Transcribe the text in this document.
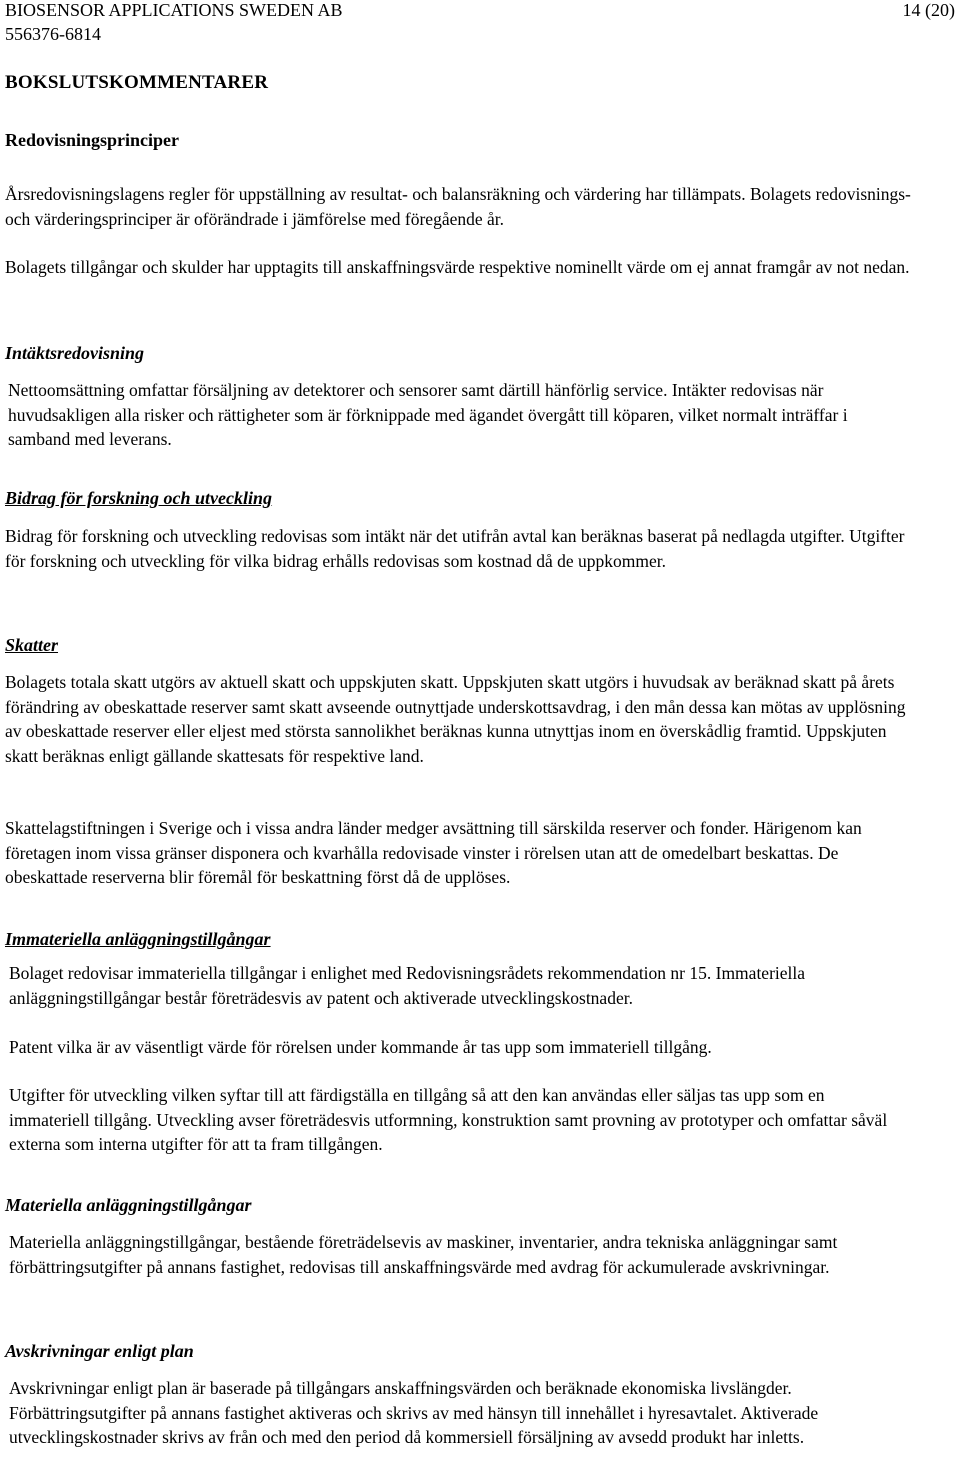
BIOSENSOR APPLICATIONS SWEDEN AB
556376-6814
14 (20)
BOKSLUTSKOMMENTARER
Redovisningsprinciper

Årsredovisningslagens regler för uppställning av resultat- och balansräkning och värdering har tillämpats. Bolagets redovisnings- och värderingsprinciper är oförändrade i jämförelse med föregående år.

Bolagets tillgångar och skulder har upptagits till anskaffningsvärde respektive nominellt värde om ej annat framgår av not nedan.

Intäktsredovisning

Nettoomsättning omfattar försäljning av detektorer och sensorer samt därtill hänförlig service. Intäkter redovisas när huvudsakligen alla risker och rättigheter som är förknippade med ägandet övergått till köparen, vilket normalt inträffar i samband med leverans.

Bidrag för forskning och utveckling

Bidrag för forskning och utveckling redovisas som intäkt när det utifrån avtal kan beräknas baserat på nedlagda utgifter. Utgifter för forskning och utveckling för vilka bidrag erhålls redovisas som kostnad då de uppkommer.

Skatter

Bolagets totala skatt utgörs av aktuell skatt och uppskjuten skatt. Uppskjuten skatt utgörs i huvudsak av beräknad skatt på årets förändring av obeskattade reserver samt skatt avseende outnyttjade underskottsavdrag, i den mån dessa kan mötas av upplösning av obeskattade reserver eller eljest med största sannolikhet beräknas kunna utnyttjas inom en överskådlig framtid. Uppskjuten skatt beräknas enligt gällande skattesats för respektive land.

Skattelagstiftningen i Sverige och i vissa andra länder medger avsättning till särskilda reserver och fonder. Härigenom kan företagen inom vissa gränser disponera och kvarhålla redovisade vinster i rörelsen utan att de omedelbart beskattas. De obeskattade reserverna blir föremål för beskattning först då de upplöses.

Immateriella anläggningstillgångar

Bolaget redovisar immateriella tillgångar i enlighet med Redovisningsrådets rekommendation nr 15. Immateriella anläggningstillgångar består företrädesvis av patent och aktiverade utvecklingskostnader.

Patent vilka är av väsentligt värde för rörelsen under kommande år tas upp som immateriell tillgång.

Utgifter för utveckling vilken syftar till att färdigställa en tillgång så att den kan användas eller säljas tas upp som en immateriell tillgång. Utveckling avser företrädesvis utformning, konstruktion samt provning av prototyper och omfattar såväl externa som interna utgifter för att ta fram tillgången.

Materiella anläggningstillgångar

Materiella anläggningstillgångar, bestående företrädelsevis av maskiner, inventarier, andra tekniska anläggningar samt förbättringsutgifter på annans fastighet, redovisas till anskaffningsvärde med avdrag för ackumulerade avskrivningar.

Avskrivningar enligt plan

Avskrivningar enligt plan är baserade på tillgångars anskaffningsvärden och beräknade ekonomiska livslängder. Förbättringsutgifter på annans fastighet aktiveras och skrivs av med hänsyn till innehållet i hyresavtalet. Aktiverade utvecklingskostnader skrivs av från och med den period då kommersiell försäljning av avsedd produkt har inletts.
